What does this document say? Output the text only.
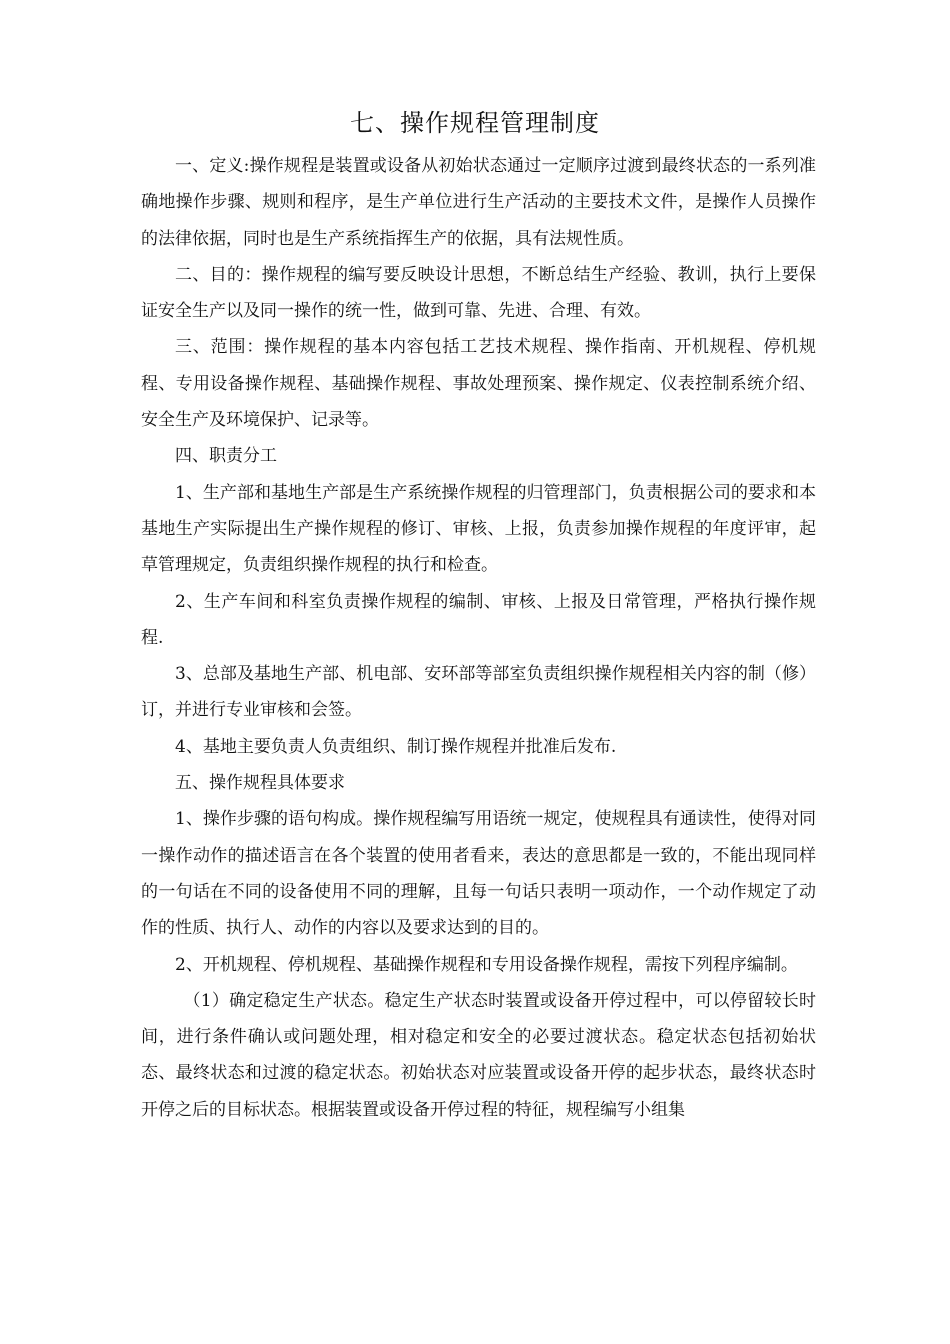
七、操作规程管理制度

一、定义:操作规程是装置或设备从初始状态通过一定顺序过渡到最终状态的一系列准确地操作步骤、规则和程序，是生产单位进行生产活动的主要技术文件，是操作人员操作的法律依据，同时也是生产系统指挥生产的依据，具有法规性质。

二、目的：操作规程的编写要反映设计思想，不断总结生产经验、教训，执行上要保证安全生产以及同一操作的统一性，做到可靠、先进、合理、有效。

三、范围：操作规程的基本内容包括工艺技术规程、操作指南、开机规程、停机规程、专用设备操作规程、基础操作规程、事故处理预案、操作规定、仪表控制系统介绍、安全生产及环境保护、记录等。

四、职责分工

1、生产部和基地生产部是生产系统操作规程的归管理部门，负责根据公司的要求和本基地生产实际提出生产操作规程的修订、审核、上报，负责参加操作规程的年度评审，起草管理规定，负责组织操作规程的执行和检查。

2、生产车间和科室负责操作规程的编制、审核、上报及日常管理，严格执行操作规程.

3、总部及基地生产部、机电部、安环部等部室负责组织操作规程相关内容的制（修）订，并进行专业审核和会签。

4、基地主要负责人负责组织、制订操作规程并批准后发布.

五、操作规程具体要求

1、操作步骤的语句构成。操作规程编写用语统一规定，使规程具有通读性，使得对同一操作动作的描述语言在各个装置的使用者看来，表达的意思都是一致的，不能出现同样的一句话在不同的设备使用不同的理解，且每一句话只表明一项动作，一个动作规定了动作的性质、执行人、动作的内容以及要求达到的目的。

2、开机规程、停机规程、基础操作规程和专用设备操作规程，需按下列程序编制。

（1）确定稳定生产状态。稳定生产状态时装置或设备开停过程中，可以停留较长时间，进行条件确认或问题处理，相对稳定和安全的必要过渡状态。稳定状态包括初始状态、最终状态和过渡的稳定状态。初始状态对应装置或设备开停的起步状态，最终状态时开停之后的目标状态。根据装置或设备开停过程的特征，规程编写小组集
